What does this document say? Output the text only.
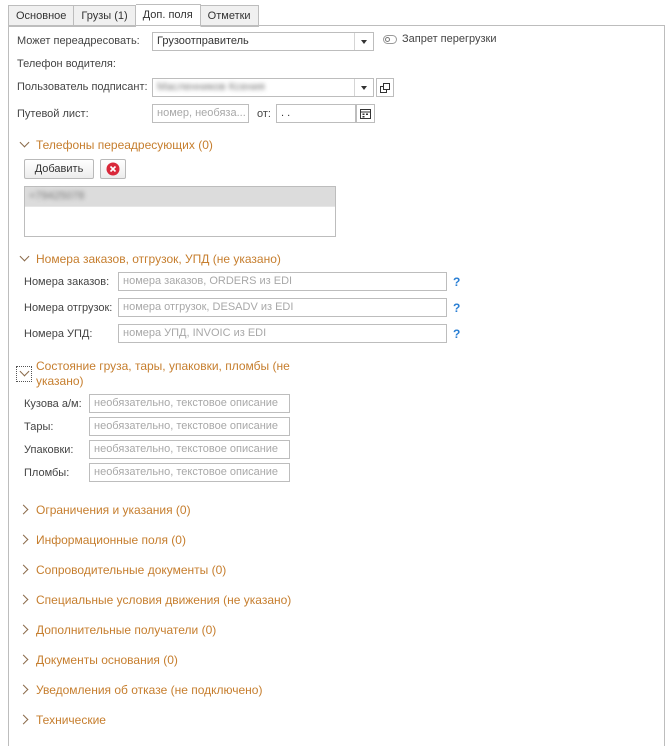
Основное	Грузы (1)	Доп. поля	Отметки
Может переадресовать:	Грузоотправитель	Запрет перегрузки
Телефон водителя:
Пользователь подписант: Масленников Ксения
Путевой лист:	номер, необяза... от: . .
Телефоны переадресующих (0)
Добавить
+79425078
Номера заказов, отгрузок, УПД (не указано)
Номера заказов:	номера заказов, ORDERS из EDI	?
Номера отгрузок: номера отгрузок, DESADV из EDI	?
Номера УПД:	номера УПД, INVOIC из EDI	?
Состояние груза, тары, упаковки, пломбы (не
указано)
Кузова а/м:	необязательно, текстовое описание
Тары:	необязательно, текстовое описание
Упаковки:	необязательно, текстовое описание
Пломбы:	необязательно, текстовое описание
Ограничения и указания (0)
Информационные поля (0)
Сопроводительные документы (0)
Специальные условия движения (не указано)
Дополнительные получатели (0)
Документы основания (0)
Уведомления об отказе (не подключено)
Технические
